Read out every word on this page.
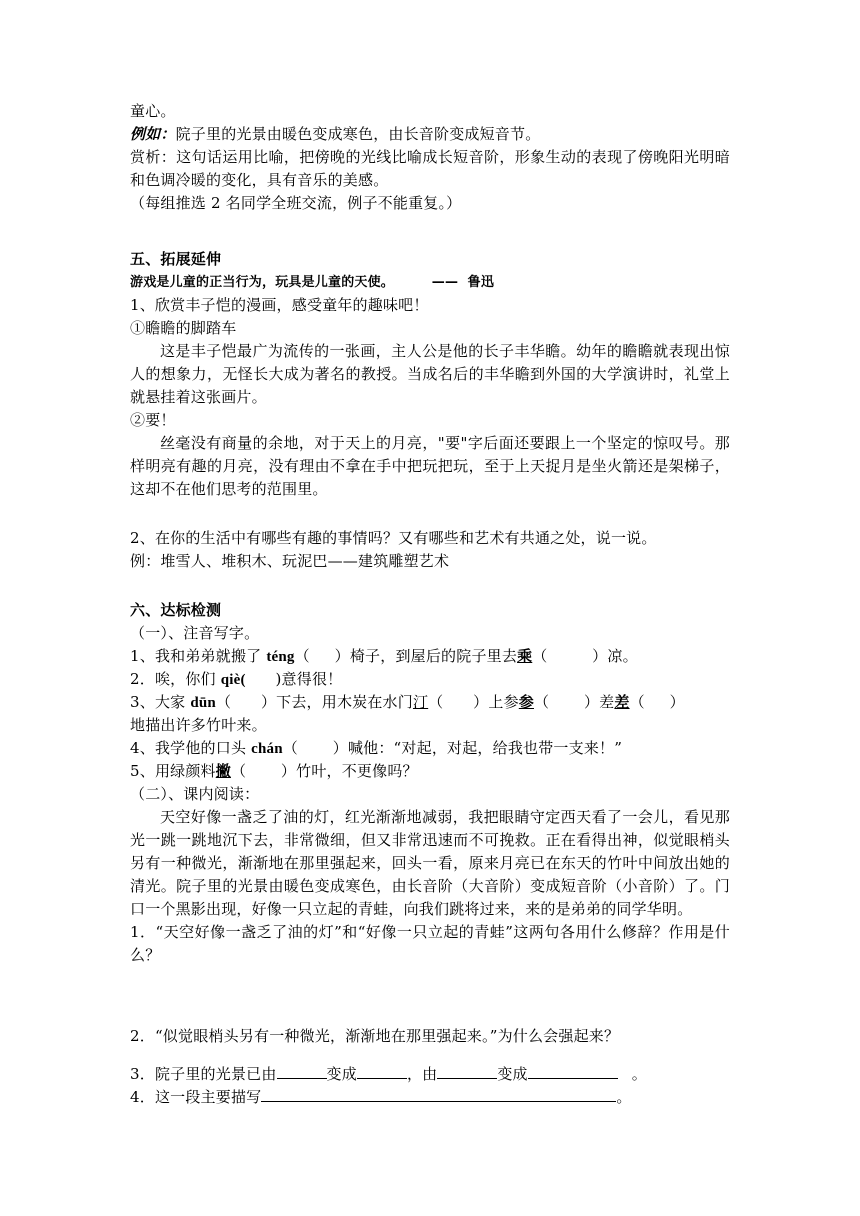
童心。
例如：院子里的光景由暖色变成寒色，由长音阶变成短音节。
赏析：这句话运用比喻，把傍晚的光线比喻成长短音阶，形象生动的表现了傍晚阳光明暗和色调冷暖的变化，具有音乐的美感。
（每组推选 2 名同学全班交流，例子不能重复。）
五、拓展延伸
游戏是儿童的正当行为，玩具是儿童的天使。        ——  鲁迅
1、欣赏丰子恺的漫画，感受童年的趣味吧！
①瞻瞻的脚踏车
这是丰子恺最广为流传的一张画，主人公是他的长子丰华瞻。幼年的瞻瞻就表现出惊人的想象力，无怪长大成为著名的教授。当成名后的丰华瞻到外国的大学演讲时，礼堂上就悬挂着这张画片。
②要！
丝毫没有商量的余地，对于天上的月亮，"要"字后面还要跟上一个坚定的惊叹号。那样明亮有趣的月亮，没有理由不拿在手中把玩把玩，至于上天捉月是坐火箭还是架梯子，这却不在他们思考的范围里。
2、在你的生活中有哪些有趣的事情吗？又有哪些和艺术有共通之处，说一说。
例：堆雪人、堆积木、玩泥巴——建筑雕塑艺术
六、达标检测
（一）、注音写字。
1、我和弟弟就搬了 téng（     ）椅子，到屋后的院子里去乘（         ）凉。
2．唉，你们 qiè(      )意得很！
3、大家 dūn（      ）下去，用木炭在水门汀（      ）上参参（       ）差差（     ）
地描出许多竹叶来。
4、我学他的口头 chán（       ）喊他：“对起，对起，给我也带一支来！”
5、用绿颜料撇（       ）竹叶，不更像吗？
（二）、课内阅读：
天空好像一盏乏了油的灯，红光渐渐地减弱，我把眼睛守定西天看了一会儿，看见那光一跳一跳地沉下去，非常微细，但又非常迅速而不可挽救。正在看得出神，似觉眼梢头另有一种微光，渐渐地在那里强起来，回头一看，原来月亮已在东天的竹叶中间放出她的清光。院子里的光景由暖色变成寒色，由长音阶（大音阶）变成短音阶（小音阶）了。门口一个黑影出现，好像一只立起的青蛙，向我们跳将过来，来的是弟弟的同学华明。
1．“天空好像一盏乏了油的灯”和“好像一只立起的青蛙”这两句各用什么修辞？作用是什么？
2．“似觉眼梢头另有一种微光，渐渐地在那里强起来。”为什么会强起来？
3．院子里的光景已由	变成	，由	变成	。
4．这一段主要描写	。
